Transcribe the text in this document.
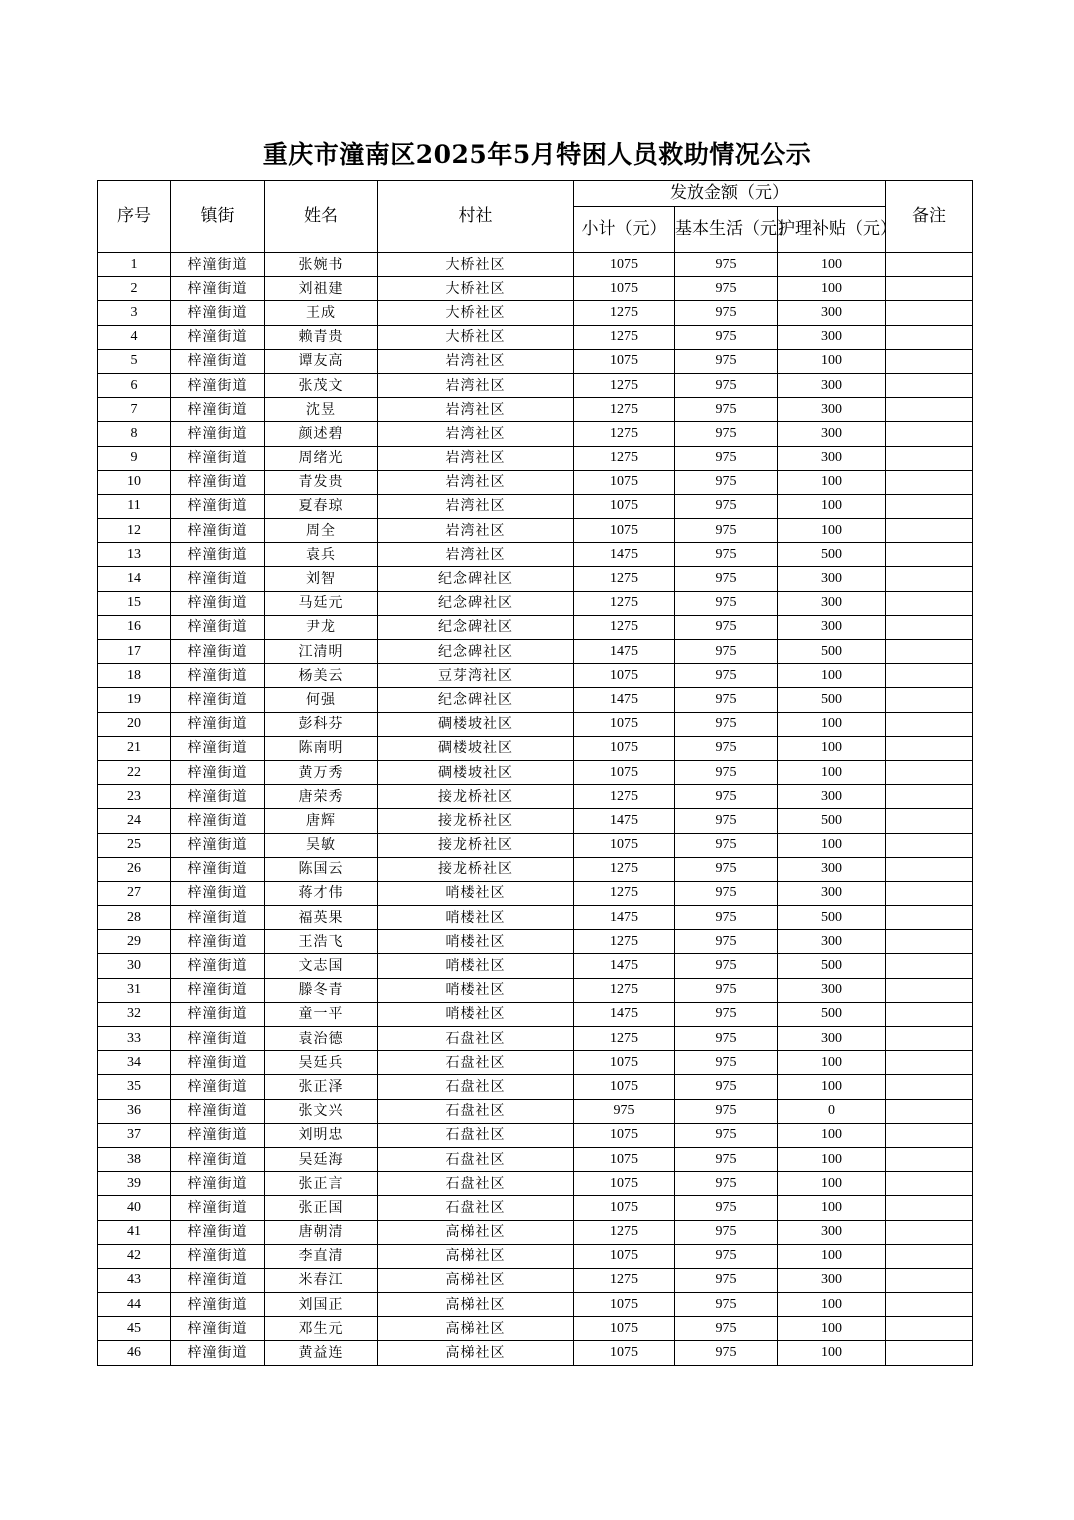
重庆市潼南区2025年5月特困人员救助情况公示
序号	镇街	姓名	村社	发放金额（元）			备注
				小计（元）	基本生活（元）	护理补贴（元）	
1	梓潼街道	张婉书	大桥社区	1075	975	100	
2	梓潼街道	刘祖建	大桥社区	1075	975	100	
3	梓潼街道	王成	大桥社区	1275	975	300	
4	梓潼街道	赖青贵	大桥社区	1275	975	300	
5	梓潼街道	谭友高	岩湾社区	1075	975	100	
6	梓潼街道	张茂文	岩湾社区	1275	975	300	
7	梓潼街道	沈昱	岩湾社区	1275	975	300	
8	梓潼街道	颜述碧	岩湾社区	1275	975	300	
9	梓潼街道	周绪光	岩湾社区	1275	975	300	
10	梓潼街道	青发贵	岩湾社区	1075	975	100	
11	梓潼街道	夏春琼	岩湾社区	1075	975	100	
12	梓潼街道	周全	岩湾社区	1075	975	100	
13	梓潼街道	袁兵	岩湾社区	1475	975	500	
14	梓潼街道	刘智	纪念碑社区	1275	975	300	
15	梓潼街道	马廷元	纪念碑社区	1275	975	300	
16	梓潼街道	尹龙	纪念碑社区	1275	975	300	
17	梓潼街道	江清明	纪念碑社区	1475	975	500	
18	梓潼街道	杨美云	豆芽湾社区	1075	975	100	
19	梓潼街道	何强	纪念碑社区	1475	975	500	
20	梓潼街道	彭科芬	碉楼坡社区	1075	975	100	
21	梓潼街道	陈南明	碉楼坡社区	1075	975	100	
22	梓潼街道	黄万秀	碉楼坡社区	1075	975	100	
23	梓潼街道	唐荣秀	接龙桥社区	1275	975	300	
24	梓潼街道	唐辉	接龙桥社区	1475	975	500	
25	梓潼街道	吴敏	接龙桥社区	1075	975	100	
26	梓潼街道	陈国云	接龙桥社区	1275	975	300	
27	梓潼街道	蒋才伟	哨楼社区	1275	975	300	
28	梓潼街道	福英果	哨楼社区	1475	975	500	
29	梓潼街道	王浩飞	哨楼社区	1275	975	300	
30	梓潼街道	文志国	哨楼社区	1475	975	500	
31	梓潼街道	滕冬青	哨楼社区	1275	975	300	
32	梓潼街道	童一平	哨楼社区	1475	975	500	
33	梓潼街道	袁治德	石盘社区	1275	975	300	
34	梓潼街道	吴廷兵	石盘社区	1075	975	100	
35	梓潼街道	张正泽	石盘社区	1075	975	100	
36	梓潼街道	张文兴	石盘社区	975	975	0	
37	梓潼街道	刘明忠	石盘社区	1075	975	100	
38	梓潼街道	吴廷海	石盘社区	1075	975	100	
39	梓潼街道	张正言	石盘社区	1075	975	100	
40	梓潼街道	张正国	石盘社区	1075	975	100	
41	梓潼街道	唐朝清	高梯社区	1275	975	300	
42	梓潼街道	李直清	高梯社区	1075	975	100	
43	梓潼街道	米春江	高梯社区	1275	975	300	
44	梓潼街道	刘国正	高梯社区	1075	975	100	
45	梓潼街道	邓生元	高梯社区	1075	975	100	
46	梓潼街道	黄益连	高梯社区	1075	975	100	
